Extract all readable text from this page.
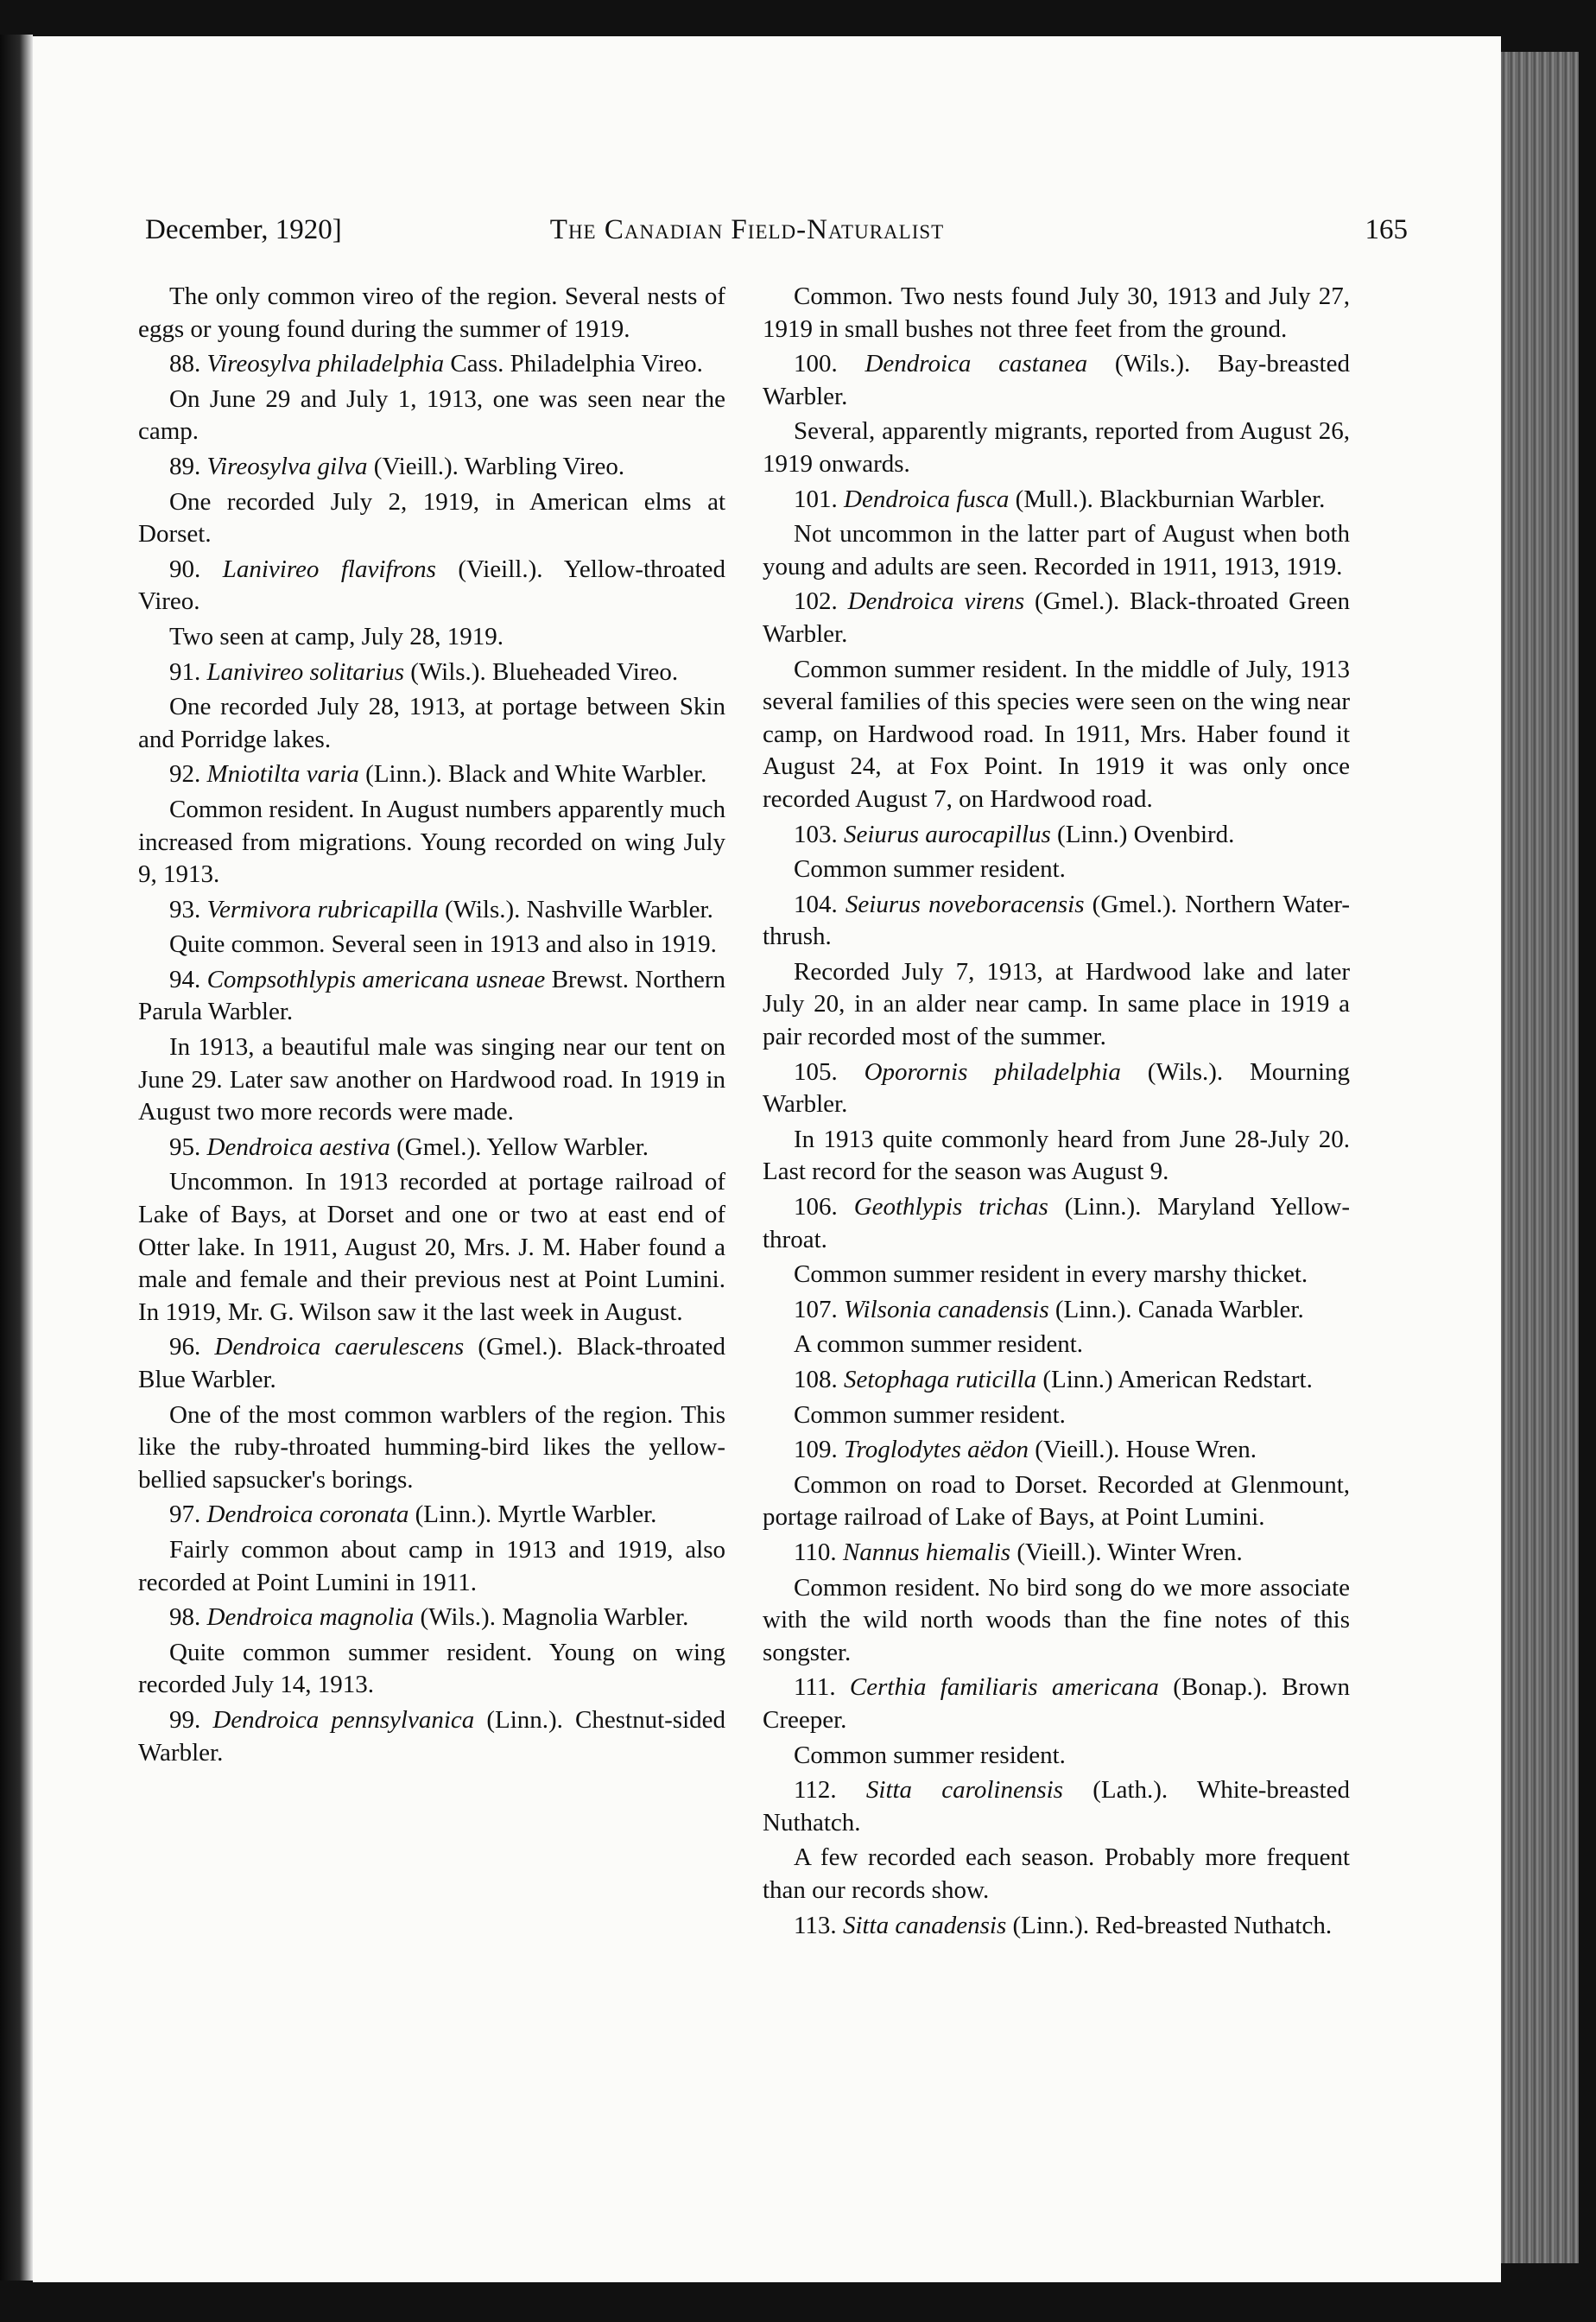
December, 1920]	The Canadian Field-Naturalist	165

The only common vireo of the region. Several nests of eggs or young found during the summer of 1919.

88. Vireosylva philadelphia Cass. Philadelphia Vireo.

On June 29 and July 1, 1913, one was seen near the camp.

89. Vireosylva gilva (Vieill.). Warbling Vireo.

One recorded July 2, 1919, in American elms at Dorset.

90. Lanivireo flavifrons (Vieill.). Yellow-throated Vireo.

Two seen at camp, July 28, 1919.

91. Lanivireo solitarius (Wils.). Blueheaded Vireo.

One recorded July 28, 1913, at portage between Skin and Porridge lakes.

92. Mniotilta varia (Linn.). Black and White Warbler.

Common resident. In August numbers apparently much increased from migrations. Young recorded on wing July 9, 1913.

93. Vermivora rubricapilla (Wils.). Nashville Warbler.

Quite common. Several seen in 1913 and also in 1919.

94. Compsothlypis americana usneae Brewst. Northern Parula Warbler.

In 1913, a beautiful male was singing near our tent on June 29. Later saw another on Hardwood road. In 1919 in August two more records were made.

95. Dendroica aestiva (Gmel.). Yellow Warbler.

Uncommon. In 1913 recorded at portage railroad of Lake of Bays, at Dorset and one or two at east end of Otter lake. In 1911, August 20, Mrs. J. M. Haber found a male and female and their previous nest at Point Lumini. In 1919, Mr. G. Wilson saw it the last week in August.

96. Dendroica caerulescens (Gmel.). Black-throated Blue Warbler.

One of the most common warblers of the region. This like the ruby-throated humming-bird likes the yellow-bellied sapsucker's borings.

97. Dendroica coronata (Linn.). Myrtle Warbler.

Fairly common about camp in 1913 and 1919, also recorded at Point Lumini in 1911.

98. Dendroica magnolia (Wils.). Magnolia Warbler.

Quite common summer resident. Young on wing recorded July 14, 1913.

99. Dendroica pennsylvanica (Linn.). Chestnut-sided Warbler.

Common. Two nests found July 30, 1913 and July 27, 1919 in small bushes not three feet from the ground.

100. Dendroica castanea (Wils.). Bay-breasted Warbler.

Several, apparently migrants, reported from August 26, 1919 onwards.

101. Dendroica fusca (Mull.). Blackburnian Warbler.

Not uncommon in the latter part of August when both young and adults are seen. Recorded in 1911, 1913, 1919.

102. Dendroica virens (Gmel.). Black-throated Green Warbler.

Common summer resident. In the middle of July, 1913 several families of this species were seen on the wing near camp, on Hardwood road. In 1911, Mrs. Haber found it August 24, at Fox Point. In 1919 it was only once recorded August 7, on Hardwood road.

103. Seiurus aurocapillus (Linn.) Ovenbird.

Common summer resident.

104. Seiurus noveboracensis (Gmel.). Northern Water-thrush.

Recorded July 7, 1913, at Hardwood lake and later July 20, in an alder near camp. In same place in 1919 a pair recorded most of the summer.

105. Oporornis philadelphia (Wils.). Mourning Warbler.

In 1913 quite commonly heard from June 28-July 20. Last record for the season was August 9.

106. Geothlypis trichas (Linn.). Maryland Yellow-throat.

Common summer resident in every marshy thicket.

107. Wilsonia canadensis (Linn.). Canada Warbler.

A common summer resident.

108. Setophaga ruticilla (Linn.) American Redstart.

Common summer resident.

109. Troglodytes aëdon (Vieill.). House Wren.

Common on road to Dorset. Recorded at Glenmount, portage railroad of Lake of Bays, at Point Lumini.

110. Nannus hiemalis (Vieill.). Winter Wren.

Common resident. No bird song do we more associate with the wild north woods than the fine notes of this songster.

111. Certhia familiaris americana (Bonap.). Brown Creeper.

Common summer resident.

112. Sitta carolinensis (Lath.). White-breasted Nuthatch.

A few recorded each season. Probably more frequent than our records show.

113. Sitta canadensis (Linn.). Red-breasted Nuthatch.
